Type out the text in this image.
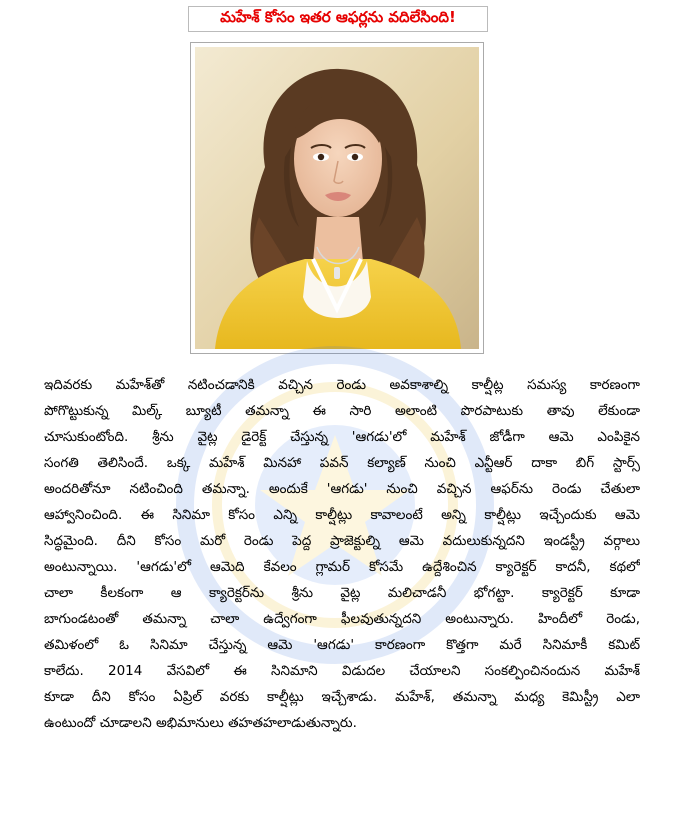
మహేశ్ కోసం ఇతర ఆఫర్లను వదిలేసింది!
ఇదివరకు మహేశ్‌తో నటించడానికి వచ్చిన రెండు అవకాశాల్ని కాల్షీట్ల సమస్య కారణంగా
పోగొట్టుకున్న మిల్క్ బ్యూటీ తమన్నా ఈ సారి అలాంటి పొరపాటుకు తావు లేకుండా
చూసుకుంటోంది. శ్రీను వైట్ల డైరెక్ట్ చేస్తున్న 'ఆగడు'లో మహేశ్ జోడీగా ఆమె ఎంపికైన
సంగతి తెలిసిందే. ఒక్క మహేశ్ మినహా పవన్ కల్యాణ్ నుంచి ఎన్టీఆర్ దాకా బిగ్ స్టార్స్
అందరితోనూ నటించింది తమన్నా. అందుకే 'ఆగడు' నుంచి వచ్చిన ఆఫర్‌ను రెండు చేతులా
ఆహ్వానించింది. ఈ సినిమా కోసం ఎన్ని కాల్షీట్లు కావాలంటే అన్ని కాల్షీట్లు ఇచ్చేందుకు ఆమె
సిద్ధమైంది. దీని కోసం మరో రెండు పెద్ద ప్రాజెక్టుల్ని ఆమె వదులుకున్నదని ఇండస్ట్రీ వర్గాలు
అంటున్నాయి. 'ఆగడు'లో ఆమెది కేవలం గ్లామర్ కోసమే ఉద్దేశించిన క్యారెక్టర్ కాదనీ, కథలో
చాలా కీలకంగా ఆ క్యారెక్టర్‌ను శ్రీను వైట్ల మలిచాడనీ భోగట్టా. క్యారెక్టర్ కూడా
బాగుండటంతో తమన్నా చాలా ఉద్వేగంగా ఫీలవుతున్నదని అంటున్నారు. హిందీలో రెండు,
తమిళంలో ఓ సినిమా చేస్తున్న ఆమె 'ఆగడు' కారణంగా కొత్తగా మరే సినిమాకీ కమిట్
కాలేదు. 2014 వేసవిలో ఈ సినిమాని విడుదల చేయాలని సంకల్పించినందున మహేశ్
కూడా దీని కోసం ఏప్రిల్ వరకు కాల్షీట్లు ఇచ్చేశాడు. మహేశ్, తమన్నా మధ్య కెమిస్ట్రీ ఎలా
ఉంటుందో చూడాలని అభిమానులు తహతహలాడుతున్నారు.
